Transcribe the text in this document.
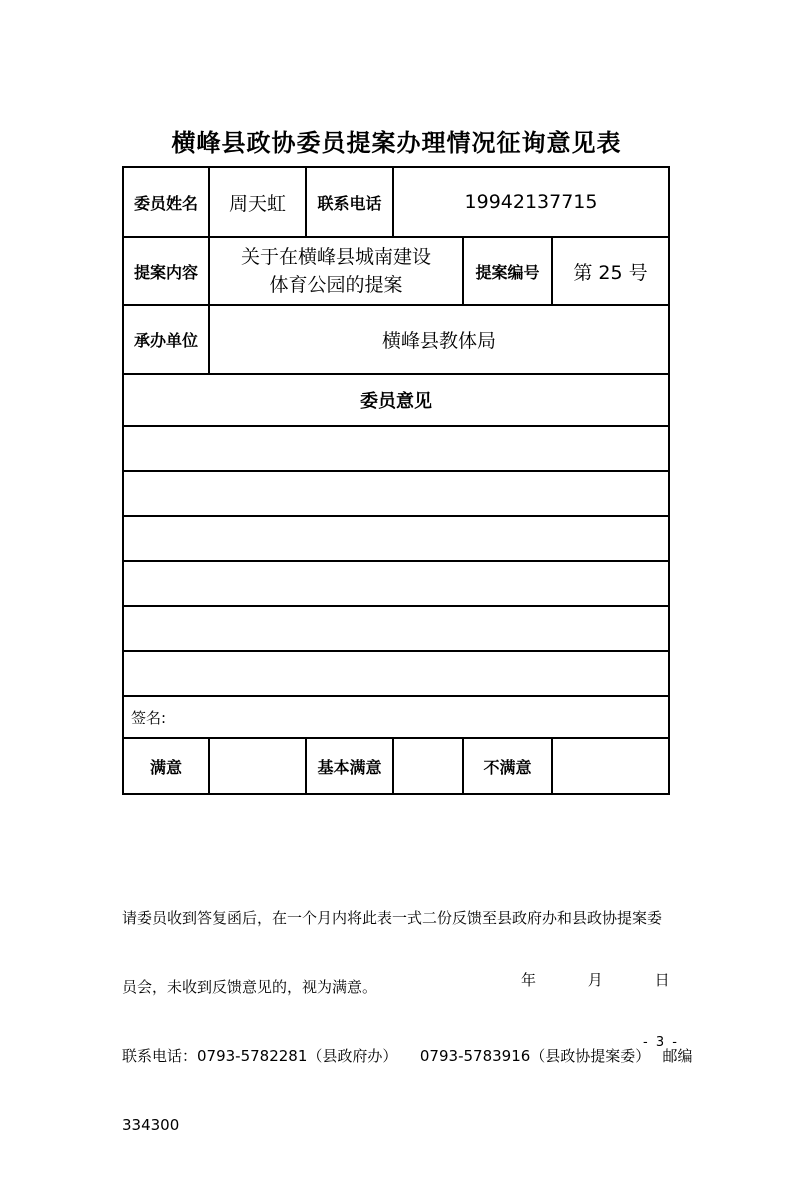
横峰县政协委员提案办理情况征询意见表
委员姓名	周天虹	联系电话	19942137715		
提案内容	关于在横峰县城南建设
体育公园的提案			提案编号	第 25 号
承办单位	横峰县教体局				
委员意见					

签名:					
满意		基本满意		不满意	

请委员收到答复函后，在一个月内将此表一式二份反馈至县政府办和县政协提案委

员会，未收到反馈意见的，视为满意。

联系电话：0793-5782281（县政府办）　　0793-5783916（县政协提案委）　 邮编

334300

年	月	日
- 3 -
